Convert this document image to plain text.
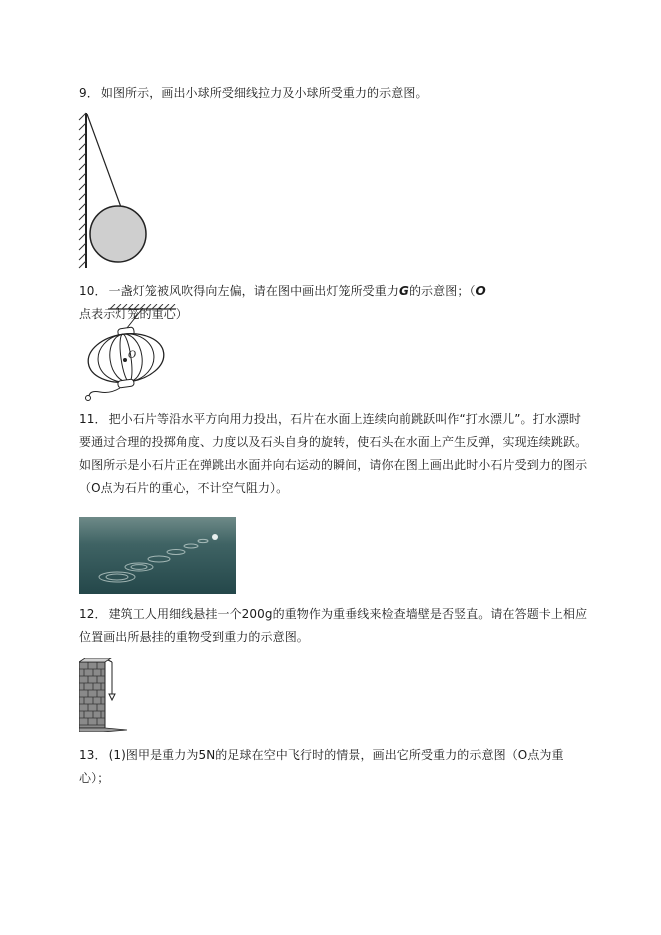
9． 如图所示，画出小球所受细线拉力及小球所受重力的示意图。

10． 一盏灯笼被风吹得向左偏，请在图中画出灯笼所受重力G的示意图；（O点表示灯笼的重心）

O

11． 把小石片等沿水平方向用力投出，石片在水面上连续向前跳跃叫作“打水漂儿”。打水漂时要通过合理的投掷角度、力度以及石头自身的旋转，使石头在水面上产生反弹，实现连续跳跃。如图所示是小石片正在弹跳出水面并向右运动的瞬间，请你在图上画出此时小石片受到力的图示（O点为石片的重心，不计空气阻力）。

12． 建筑工人用细线悬挂一个200g的重物作为重垂线来检查墙壁是否竖直。请在答题卡上相应位置画出所悬挂的重物受到重力的示意图。

13． (1)图甲是重力为5N的足球在空中飞行时的情景，画出它所受重力的示意图（O点为重心）；
